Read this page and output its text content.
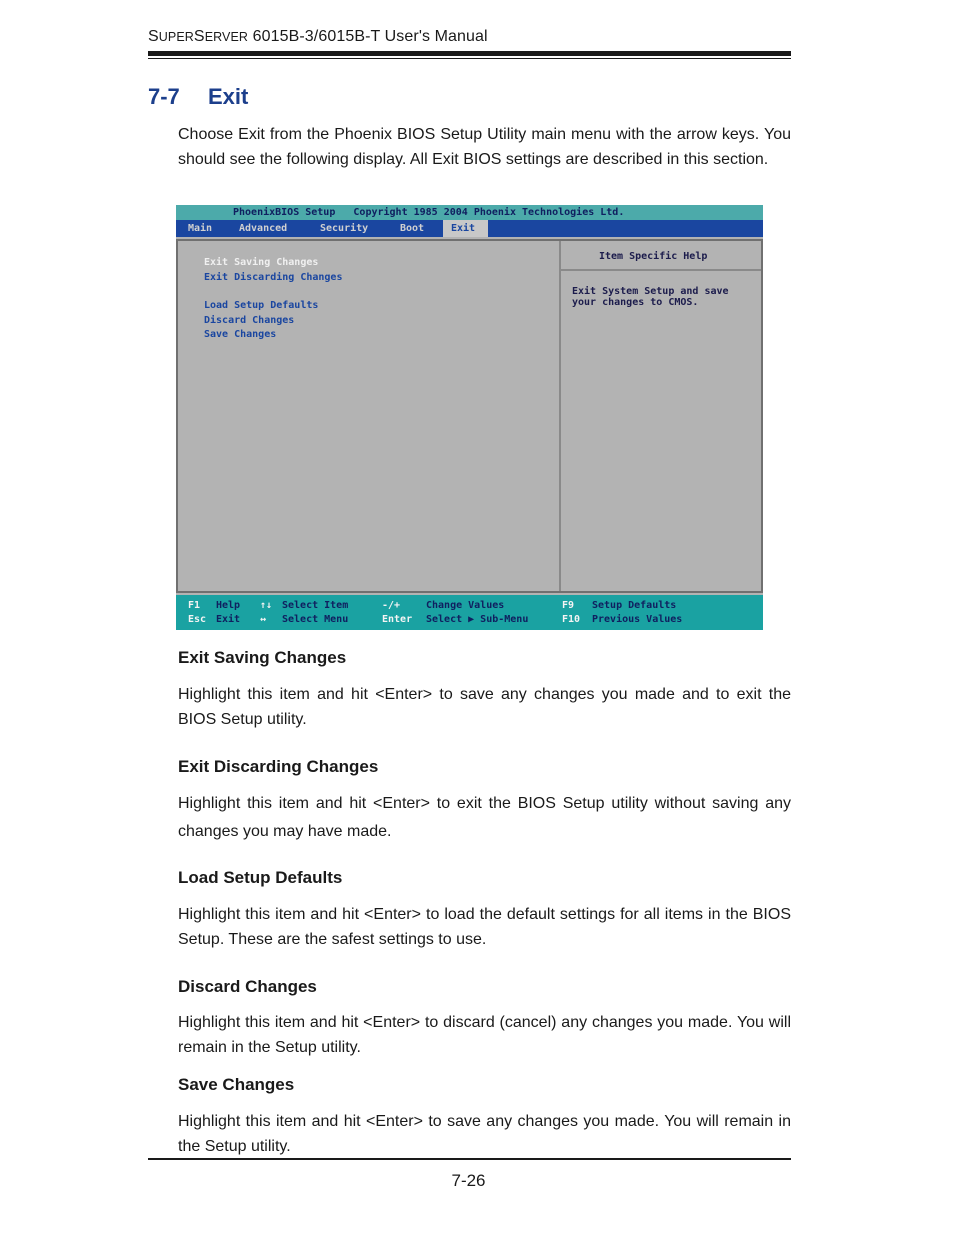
SUPERSERVER 6015B-3/6015B-T User's Manual
7-7 Exit
Choose Exit from the Phoenix BIOS Setup Utility main menu with the arrow keys. You should see the following display. All Exit BIOS settings are described in this section.
PhoenixBIOS Setup   Copyright 1985 2004 Phoenix Technologies Ltd.
Main	Advanced	Security	Boot	Exit
Item Specific Help
Exit System Setup and save your changes to CMOS.
Exit Saving Changes
Exit Discarding Changes
Load Setup Defaults
Discard Changes
Save Changes
F1 Help ↑↓ Select Item	-/+	Change Values	F9 Setup Defaults
Esc Exit ↔ Select Menu	Enter Select ▶ Sub-Menu	F10 Previous Values
Exit Saving Changes
Highlight this item and hit <Enter> to save any changes you made and to exit the BIOS Setup utility.
Exit Discarding Changes
Highlight this item and hit <Enter> to exit the BIOS Setup utility without saving any changes you may have made.
Load Setup Defaults
Highlight this item and hit <Enter> to load the default settings for all items in the BIOS Setup. These are the safest settings to use.
Discard Changes
Highlight this item and hit <Enter> to discard (cancel) any changes you made. You will remain in the Setup utility.
Save Changes
Highlight this item and hit <Enter> to save any changes you made. You will remain in the Setup utility.
7-26
